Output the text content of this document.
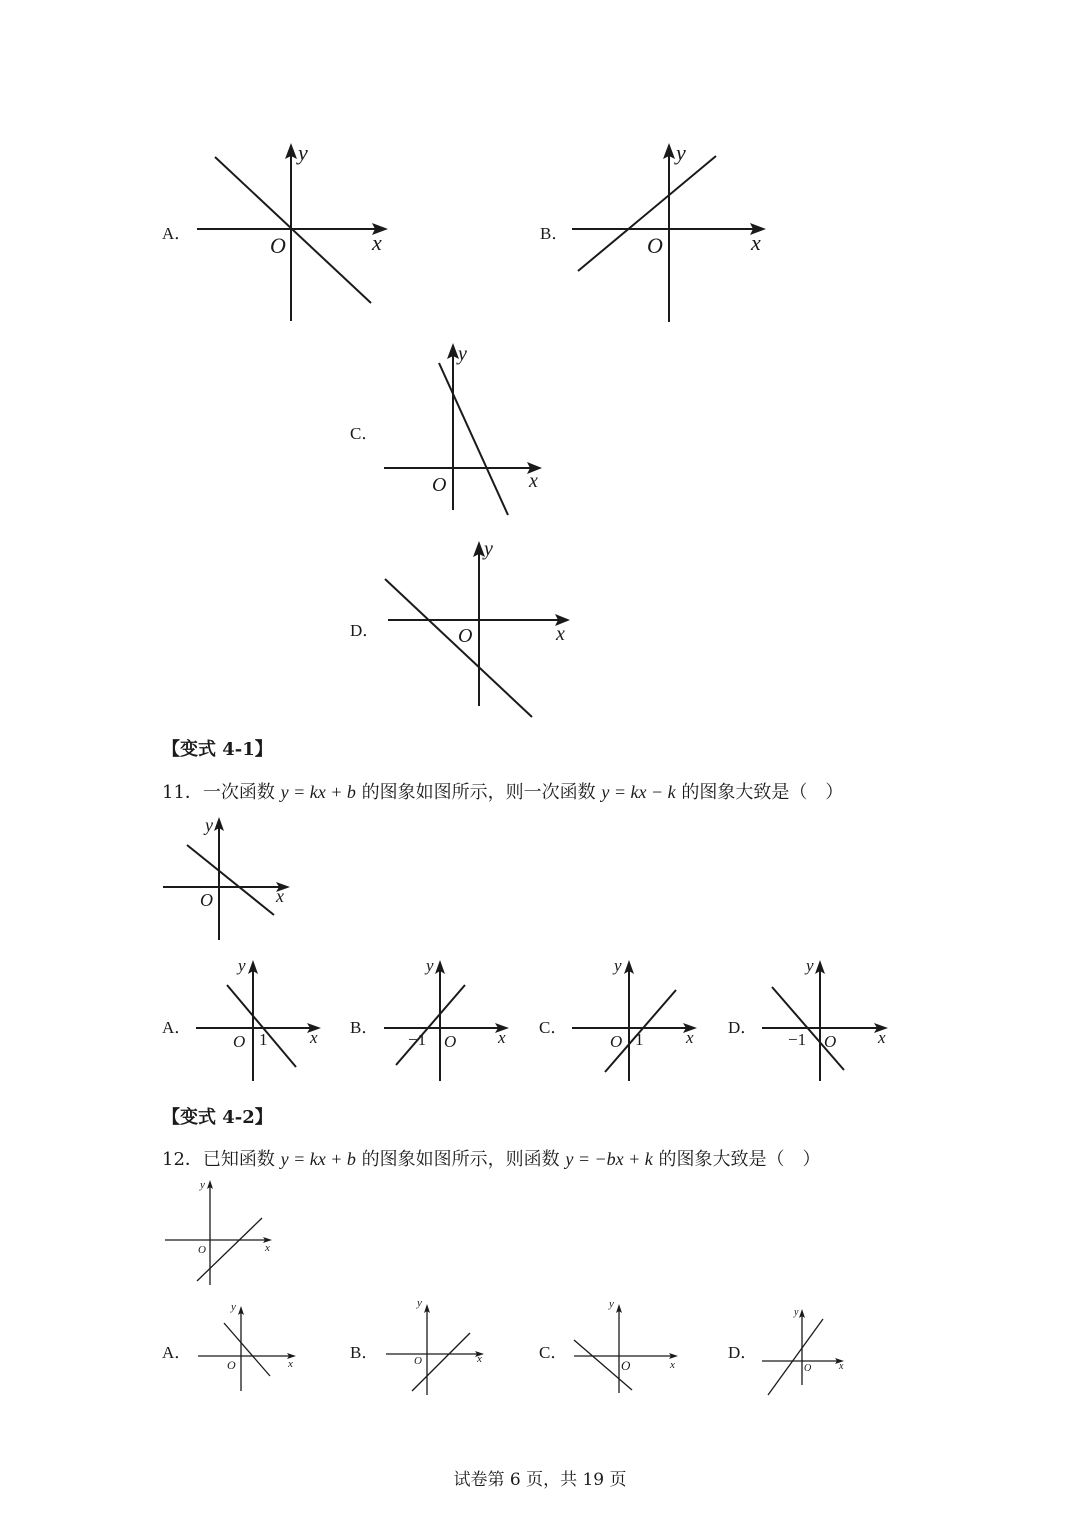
A．	B．
C．
D．
y
O	x
y
O	x
y
O	x
y
O	x
y
O	x
y
O 1	x
y
O
−1	x
y
O 1	x
y
O
−1	x
y
O	x
y
O	x
y
O	x
y
O	x
y
O	x
【变式 4-1】
11．一次函数 y = kx + b 的图象如图所示，则一次函数 y = kx − k 的图象大致是（　）
A．	B．	C．	D．
【变式 4-2】
12．已知函数 y = kx + b 的图象如图所示，则函数 y = −bx + k 的图象大致是（　）
A．	B．	C．	D．
试卷第 6 页，共 19 页
